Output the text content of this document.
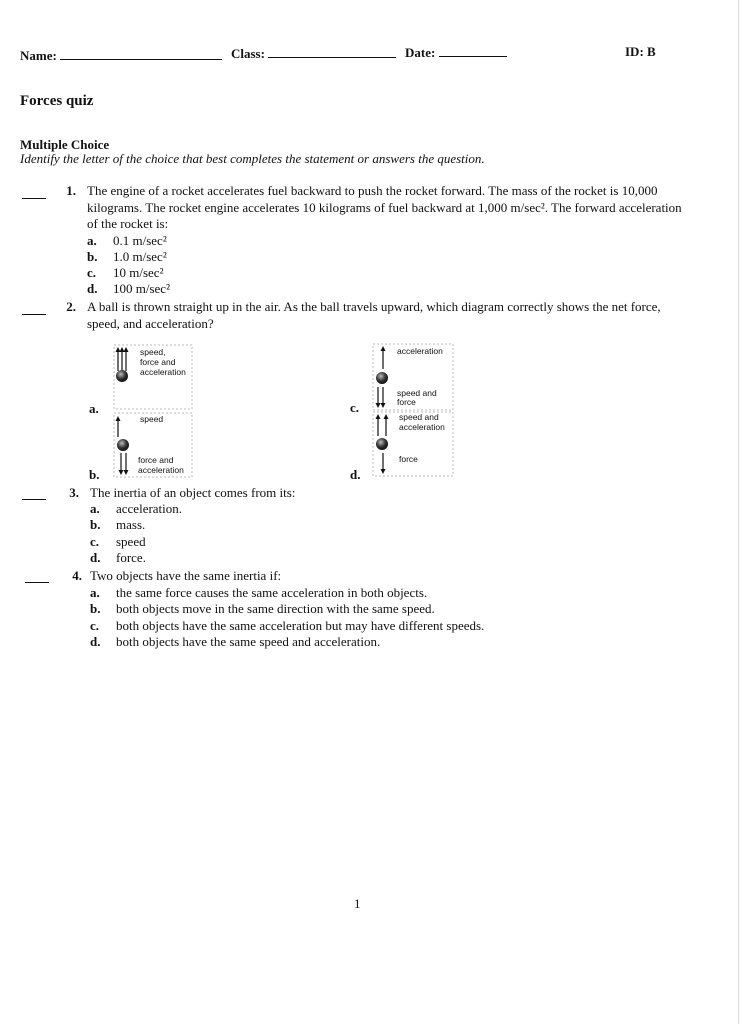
Name:	Class:	Date:	ID: B
Forces quiz
Multiple Choice
Identify the letter of the choice that best completes the statement or answers the question.
1. The engine of a rocket accelerates fuel backward to push the rocket forward. The mass of the rocket is 10,000 kilograms. The rocket engine accelerates 10 kilograms of fuel backward at 1,000 m/sec². The forward acceleration of the rocket is:
a. 0.1 m/sec²
b. 1.0 m/sec²
c. 10 m/sec²
d. 100 m/sec²
2. A ball is thrown straight up in the air. As the ball travels upward, which diagram correctly shows the net force, speed, and acceleration?
a.
b.
c.
d.
speed,
force and
acceleration
speed
force and
acceleration
acceleration
speed and
force
speed and
acceleration
force
3. The inertia of an object comes from its:
a. acceleration.
b. mass.
c. speed
d. force.
4. Two objects have the same inertia if:
a. the same force causes the same acceleration in both objects.
b. both objects move in the same direction with the same speed.
c. both objects have the same acceleration but may have different speeds.
d. both objects have the same speed and acceleration.
1
